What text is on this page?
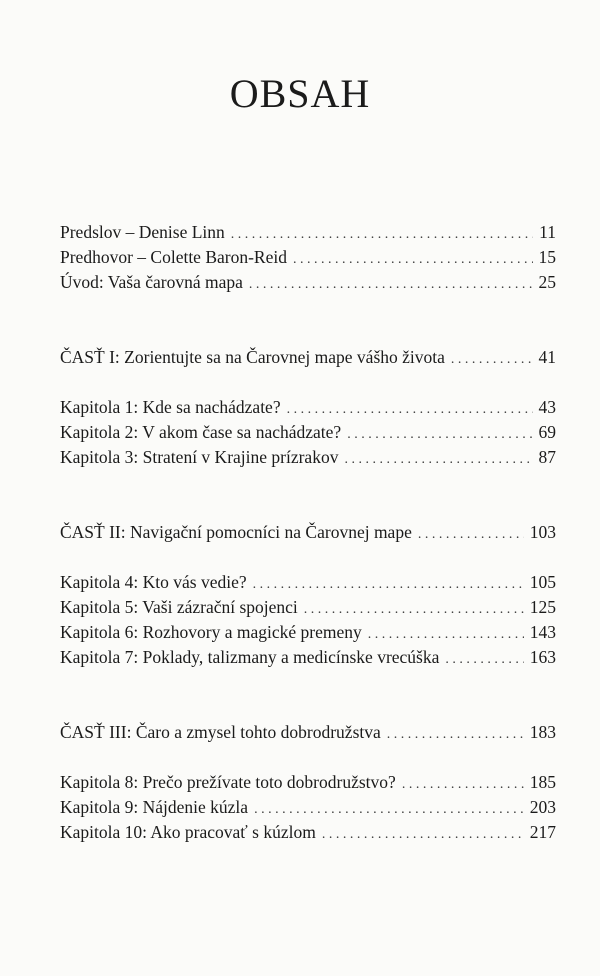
OBSAH
Predslov – Denise Linn . . .	11
Predhovor – Colette Baron-Reid . . .	15
Úvod: Vaša čarovná mapa . . .	25
ČASŤ I: Zorientujte sa na Čarovnej mape vášho života . . .	41
Kapitola 1: Kde sa nachádzate? . . .	43
Kapitola 2: V akom čase sa nachádzate? . . .	69
Kapitola 3: Stratení v Krajine prízrakov . . .	87
ČASŤ II: Navigační pomocníci na Čarovnej mape . . .	103
Kapitola 4: Kto vás vedie? . . .	105
Kapitola 5: Vaši zázrační spojenci . . .	125
Kapitola 6: Rozhovory a magické premeny . . .	143
Kapitola 7: Poklady, talizmany a medicínske vrecúška . . .	163
ČASŤ III: Čaro a zmysel tohto dobrodružstva . . .	183
Kapitola 8: Prečo prežívate toto dobrodružstvo? . . .	185
Kapitola 9: Nájdenie kúzla . . .	203
Kapitola 10: Ako pracovať s kúzlom . . .	217
